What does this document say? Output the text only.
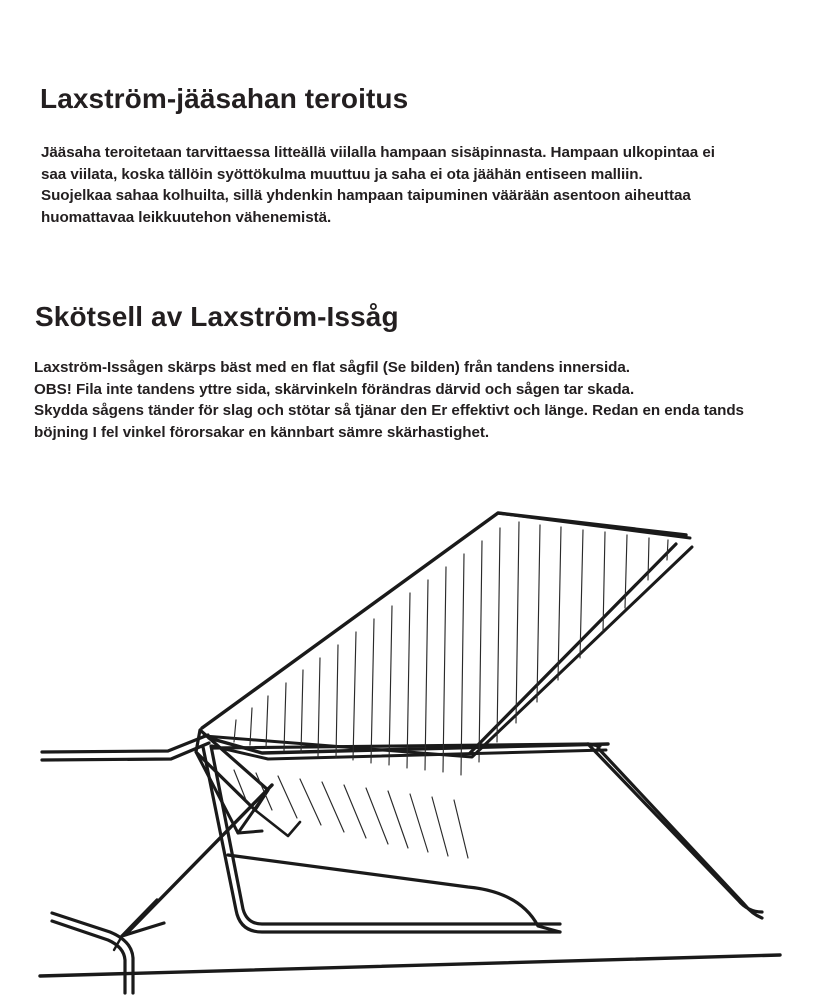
Laxström-jääsahan teroitus
Jääsaha teroitetaan tarvittaessa litteällä viilalla hampaan sisäpinnasta. Hampaan ulkopintaa ei
saa viilata, koska tällöin syöttökulma muuttuu ja saha ei ota jäähän entiseen malliin.
Suojelkaa sahaa kolhuilta, sillä yhdenkin hampaan taipuminen väärään asentoon aiheuttaa
huomattavaa leikkuutehon vähenemistä.
Skötsell av Laxström-Issåg
Laxström-Issågen skärps bäst med en flat sågfil (Se bilden) från tandens innersida.
OBS! Fila inte tandens yttre sida, skärvinkeln förändras därvid och sågen tar skada.
Skydda sågens tänder för slag och stötar så tjänar den Er effektivt och länge. Redan en enda tands
böjning I fel vinkel förorsakar en kännbart sämre skärhastighet.
